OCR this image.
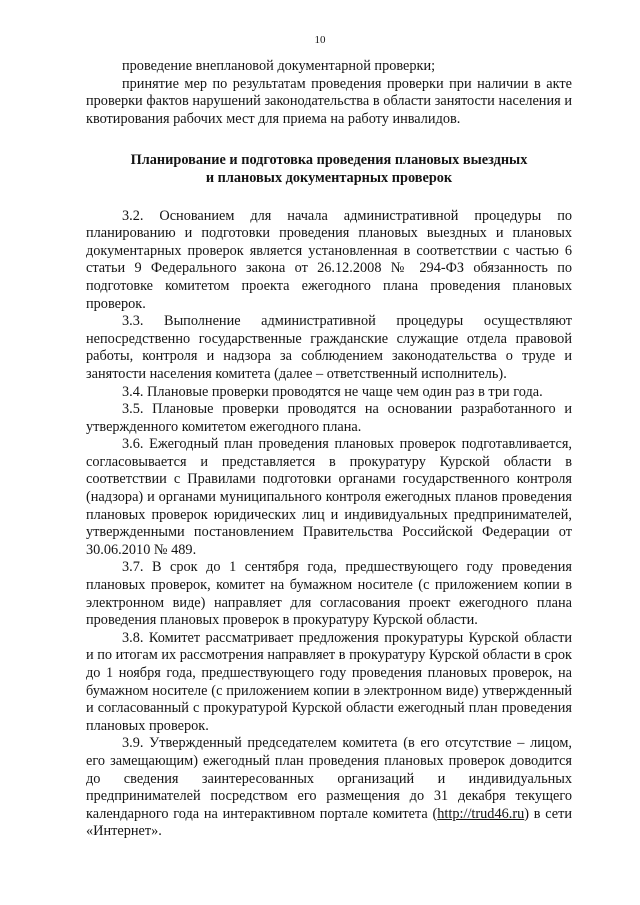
10

проведение внеплановой документарной проверки;

принятие мер по результатам проведения проверки при наличии в акте проверки фактов нарушений законодательства в области занятости населения и квотирования рабочих мест для приема на работу инвалидов.

Планирование и подготовка проведения плановых выездных
и плановых документарных проверок

3.2. Основанием для начала административной процедуры по планированию и подготовки проведения плановых выездных и плановых документарных проверок является установленная в соответствии с частью 6 статьи 9 Федерального закона от 26.12.2008 № 294-ФЗ обязанность по подготовке комитетом проекта ежегодного плана проведения плановых проверок.

3.3. Выполнение административной процедуры осуществляют непосредственно государственные гражданские служащие отдела правовой работы, контроля и надзора за соблюдением законодательства о труде и занятости населения комитета (далее – ответственный исполнитель).

3.4. Плановые проверки проводятся не чаще чем один раз в три года.

3.5. Плановые проверки проводятся на основании разработанного и утвержденного комитетом ежегодного плана.

3.6. Ежегодный план проведения плановых проверок подготавливается, согласовывается и представляется в прокуратуру Курской области в соответствии с Правилами подготовки органами государственного контроля (надзора) и органами муниципального контроля ежегодных планов проведения плановых проверок юридических лиц и индивидуальных предпринимателей, утвержденными постановлением Правительства Российской Федерации от 30.06.2010 № 489.

3.7. В срок до 1 сентября года, предшествующего году проведения плановых проверок, комитет на бумажном носителе (с приложением копии в электронном виде) направляет для согласования проект ежегодного плана проведения плановых проверок в прокуратуру Курской области.

3.8. Комитет рассматривает предложения прокуратуры Курской области и по итогам их рассмотрения направляет в прокуратуру Курской области в срок до 1 ноября года, предшествующего году проведения плановых проверок, на бумажном носителе (с приложением копии в электронном виде) утвержденный и согласованный с прокуратурой Курской области ежегодный план проведения плановых проверок.

3.9. Утвержденный председателем комитета (в его отсутствие – лицом, его замещающим) ежегодный план проведения плановых проверок доводится до сведения заинтересованных организаций и индивидуальных предпринимателей посредством его размещения до 31 декабря текущего календарного года на интерактивном портале комитета (http://trud46.ru) в сети «Интернет».
